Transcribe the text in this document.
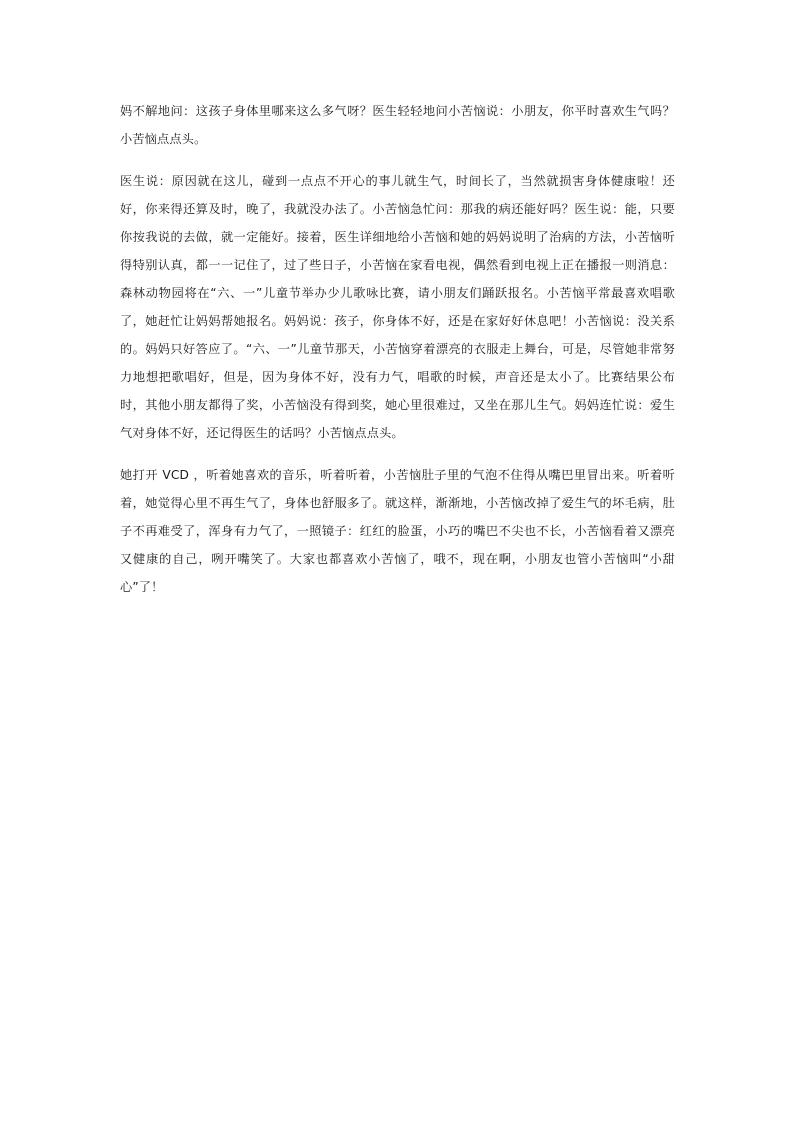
妈不解地问：这孩子身体里哪来这么多气呀？医生轻轻地问小苦恼说：小朋友，你平时喜欢生气吗？小苦恼点点头。

医生说：原因就在这儿，碰到一点点不开心的事儿就生气，时间长了，当然就损害身体健康啦！还好，你来得还算及时，晚了，我就没办法了。小苦恼急忙问：那我的病还能好吗？医生说：能，只要你按我说的去做，就一定能好。接着，医生详细地给小苦恼和她的妈妈说明了治病的方法，小苦恼听得特别认真，都一一记住了，过了些日子，小苦恼在家看电视，偶然看到电视上正在播报一则消息：森林动物园将在“六、一”儿童节举办少儿歌咏比赛，请小朋友们踊跃报名。小苦恼平常最喜欢唱歌了，她赶忙让妈妈帮她报名。妈妈说：孩子，你身体不好，还是在家好好休息吧！小苦恼说：没关系的。妈妈只好答应了。“六、一”儿童节那天，小苦恼穿着漂亮的衣服走上舞台，可是，尽管她非常努力地想把歌唱好，但是，因为身体不好，没有力气，唱歌的时候，声音还是太小了。比赛结果公布时，其他小朋友都得了奖，小苦恼没有得到奖，她心里很难过，又坐在那儿生气。妈妈连忙说：爱生气对身体不好，还记得医生的话吗？小苦恼点点头。

她打开 VCD ，听着她喜欢的音乐，听着听着，小苦恼肚子里的气泡不住得从嘴巴里冒出来。听着听着，她觉得心里不再生气了，身体也舒服多了。就这样，渐渐地，小苦恼改掉了爱生气的坏毛病，肚子不再难受了，浑身有力气了，一照镜子：红红的脸蛋，小巧的嘴巴不尖也不长，小苦恼看着又漂亮又健康的自己，咧开嘴笑了。大家也都喜欢小苦恼了，哦不，现在啊，小朋友也管小苦恼叫“小甜心”了！
